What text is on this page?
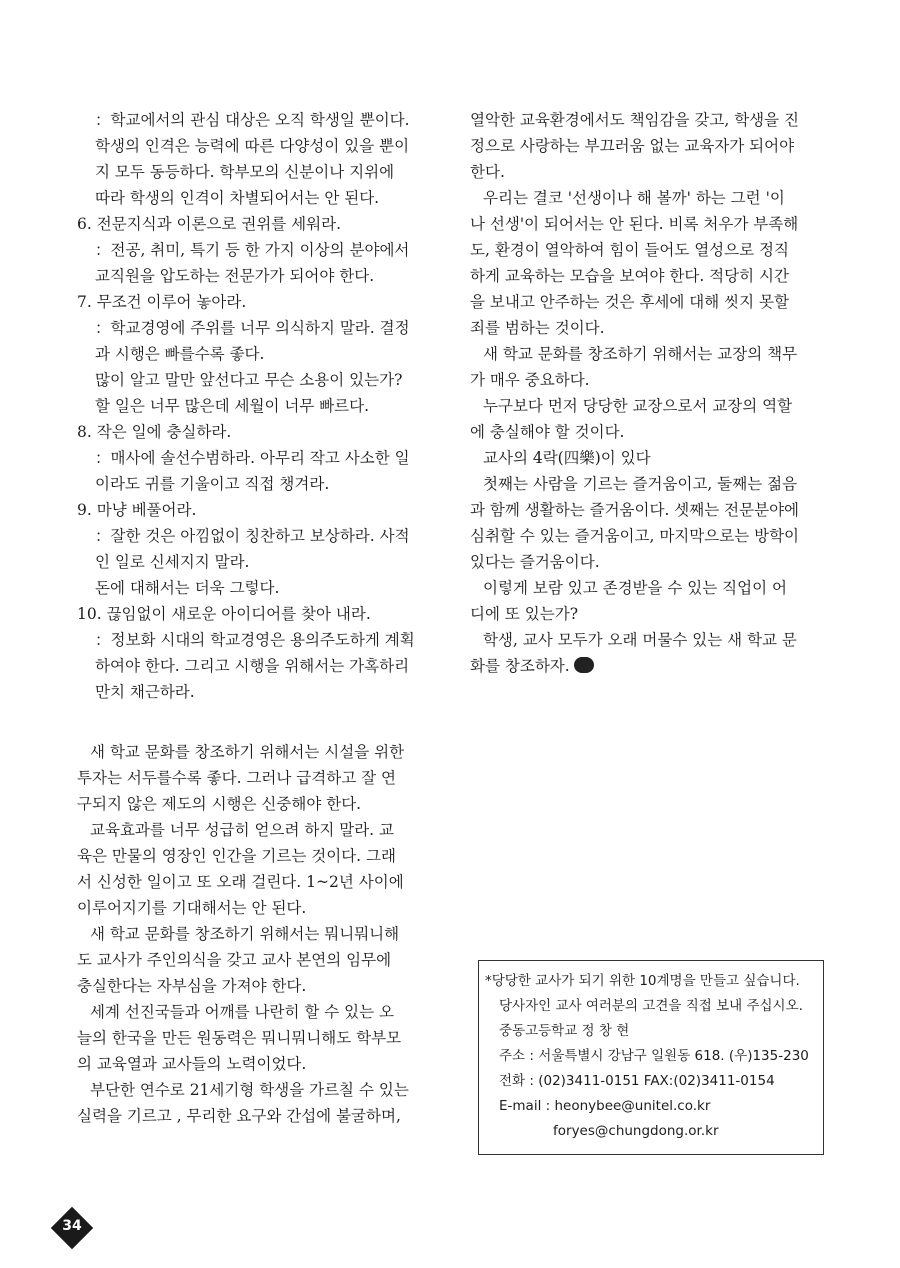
：학교에서의 관심 대상은 오직 학생일 뿐이다.

학생의 인격은 능력에 따른 다양성이 있을 뿐이

지 모두 동등하다. 학부모의 신분이나 지위에

따라 학생의 인격이 차별되어서는 안 된다.

6. 전문지식과 이론으로 권위를 세워라.

：전공, 취미, 특기 등 한 가지 이상의 분야에서

교직원을 압도하는 전문가가 되어야 한다.

7. 무조건 이루어 놓아라.

：학교경영에 주위를 너무 의식하지 말라. 결정

과 시행은 빠를수록 좋다.

많이 알고 말만 앞선다고 무슨 소용이 있는가?

할 일은 너무 많은데 세월이 너무 빠르다.

8. 작은 일에 충실하라.

：매사에 솔선수범하라. 아무리 작고 사소한 일

이라도 귀를 기울이고 직접 챙겨라.

9. 마냥 베풀어라.

：잘한 것은 아낌없이 칭찬하고 보상하라. 사적

인 일로 신세지지 말라.

돈에 대해서는 더욱 그렇다.

10. 끊임없이 새로운 아이디어를 찾아 내라.

：정보화 시대의 학교경영은 용의주도하게 계획

하여야 한다. 그리고 시행을 위해서는 가혹하리

만치 채근하라.

새 학교 문화를 창조하기 위해서는 시설을 위한

투자는 서두를수록 좋다. 그러나 급격하고 잘 연

구되지 않은 제도의 시행은 신중해야 한다.

교육효과를 너무 성급히 얻으려 하지 말라. 교

육은 만물의 영장인 인간을 기르는 것이다. 그래

서 신성한 일이고 또 오래 걸린다. 1~2년 사이에

이루어지기를 기대해서는 안 된다.

새 학교 문화를 창조하기 위해서는 뭐니뭐니해

도 교사가 주인의식을 갖고 교사 본연의 임무에

충실한다는 자부심을 가져야 한다.

세계 선진국들과 어깨를 나란히 할 수 있는 오

늘의 한국을 만든 원동력은 뭐니뭐니해도 학부모

의 교육열과 교사들의 노력이었다.

부단한 연수로 21세기형 학생을 가르칠 수 있는

실력을 기르고 , 무리한 요구와 간섭에 불굴하며,

열악한 교육환경에서도 책임감을 갖고, 학생을 진

정으로 사랑하는 부끄러움 없는 교육자가 되어야

한다.

우리는 결코 '선생이나 해 볼까' 하는 그런 '이

나 선생'이 되어서는 안 된다. 비록 처우가 부족해

도, 환경이 열악하여 힘이 들어도 열성으로 정직

하게 교육하는 모습을 보여야 한다. 적당히 시간

을 보내고 안주하는 것은 후세에 대해 씻지 못할

죄를 범하는 것이다.

새 학교 문화를 창조하기 위해서는 교장의 책무

가 매우 중요하다.

누구보다 먼저 당당한 교장으로서 교장의 역할

에 충실해야 할 것이다.

교사의 4락(四樂)이 있다

첫째는 사람을 기르는 즐거움이고, 둘째는 젊음

과 함께 생활하는 즐거움이다. 셋째는 전문분야에

심취할 수 있는 즐거움이고, 마지막으로는 방학이

있다는 즐거움이다.

이렇게 보람 있고 존경받을 수 있는 직업이 어

디에 또 있는가?

학생, 교사 모두가 오래 머물수 있는 새 학교 문

화를 창조하자.

*당당한 교사가 되기 위한 10계명을 만들고 싶습니다.

당사자인 교사 여러분의 고견을 직접 보내 주십시오.

중동고등학교 정 창 현

주소 : 서울특별시 강남구 일원동 618. (우)135-230

전화 : (02)3411-0151 FAX:(02)3411-0154

E-mail : heonybee@unitel.co.kr

foryes@chungdong.or.kr

34
